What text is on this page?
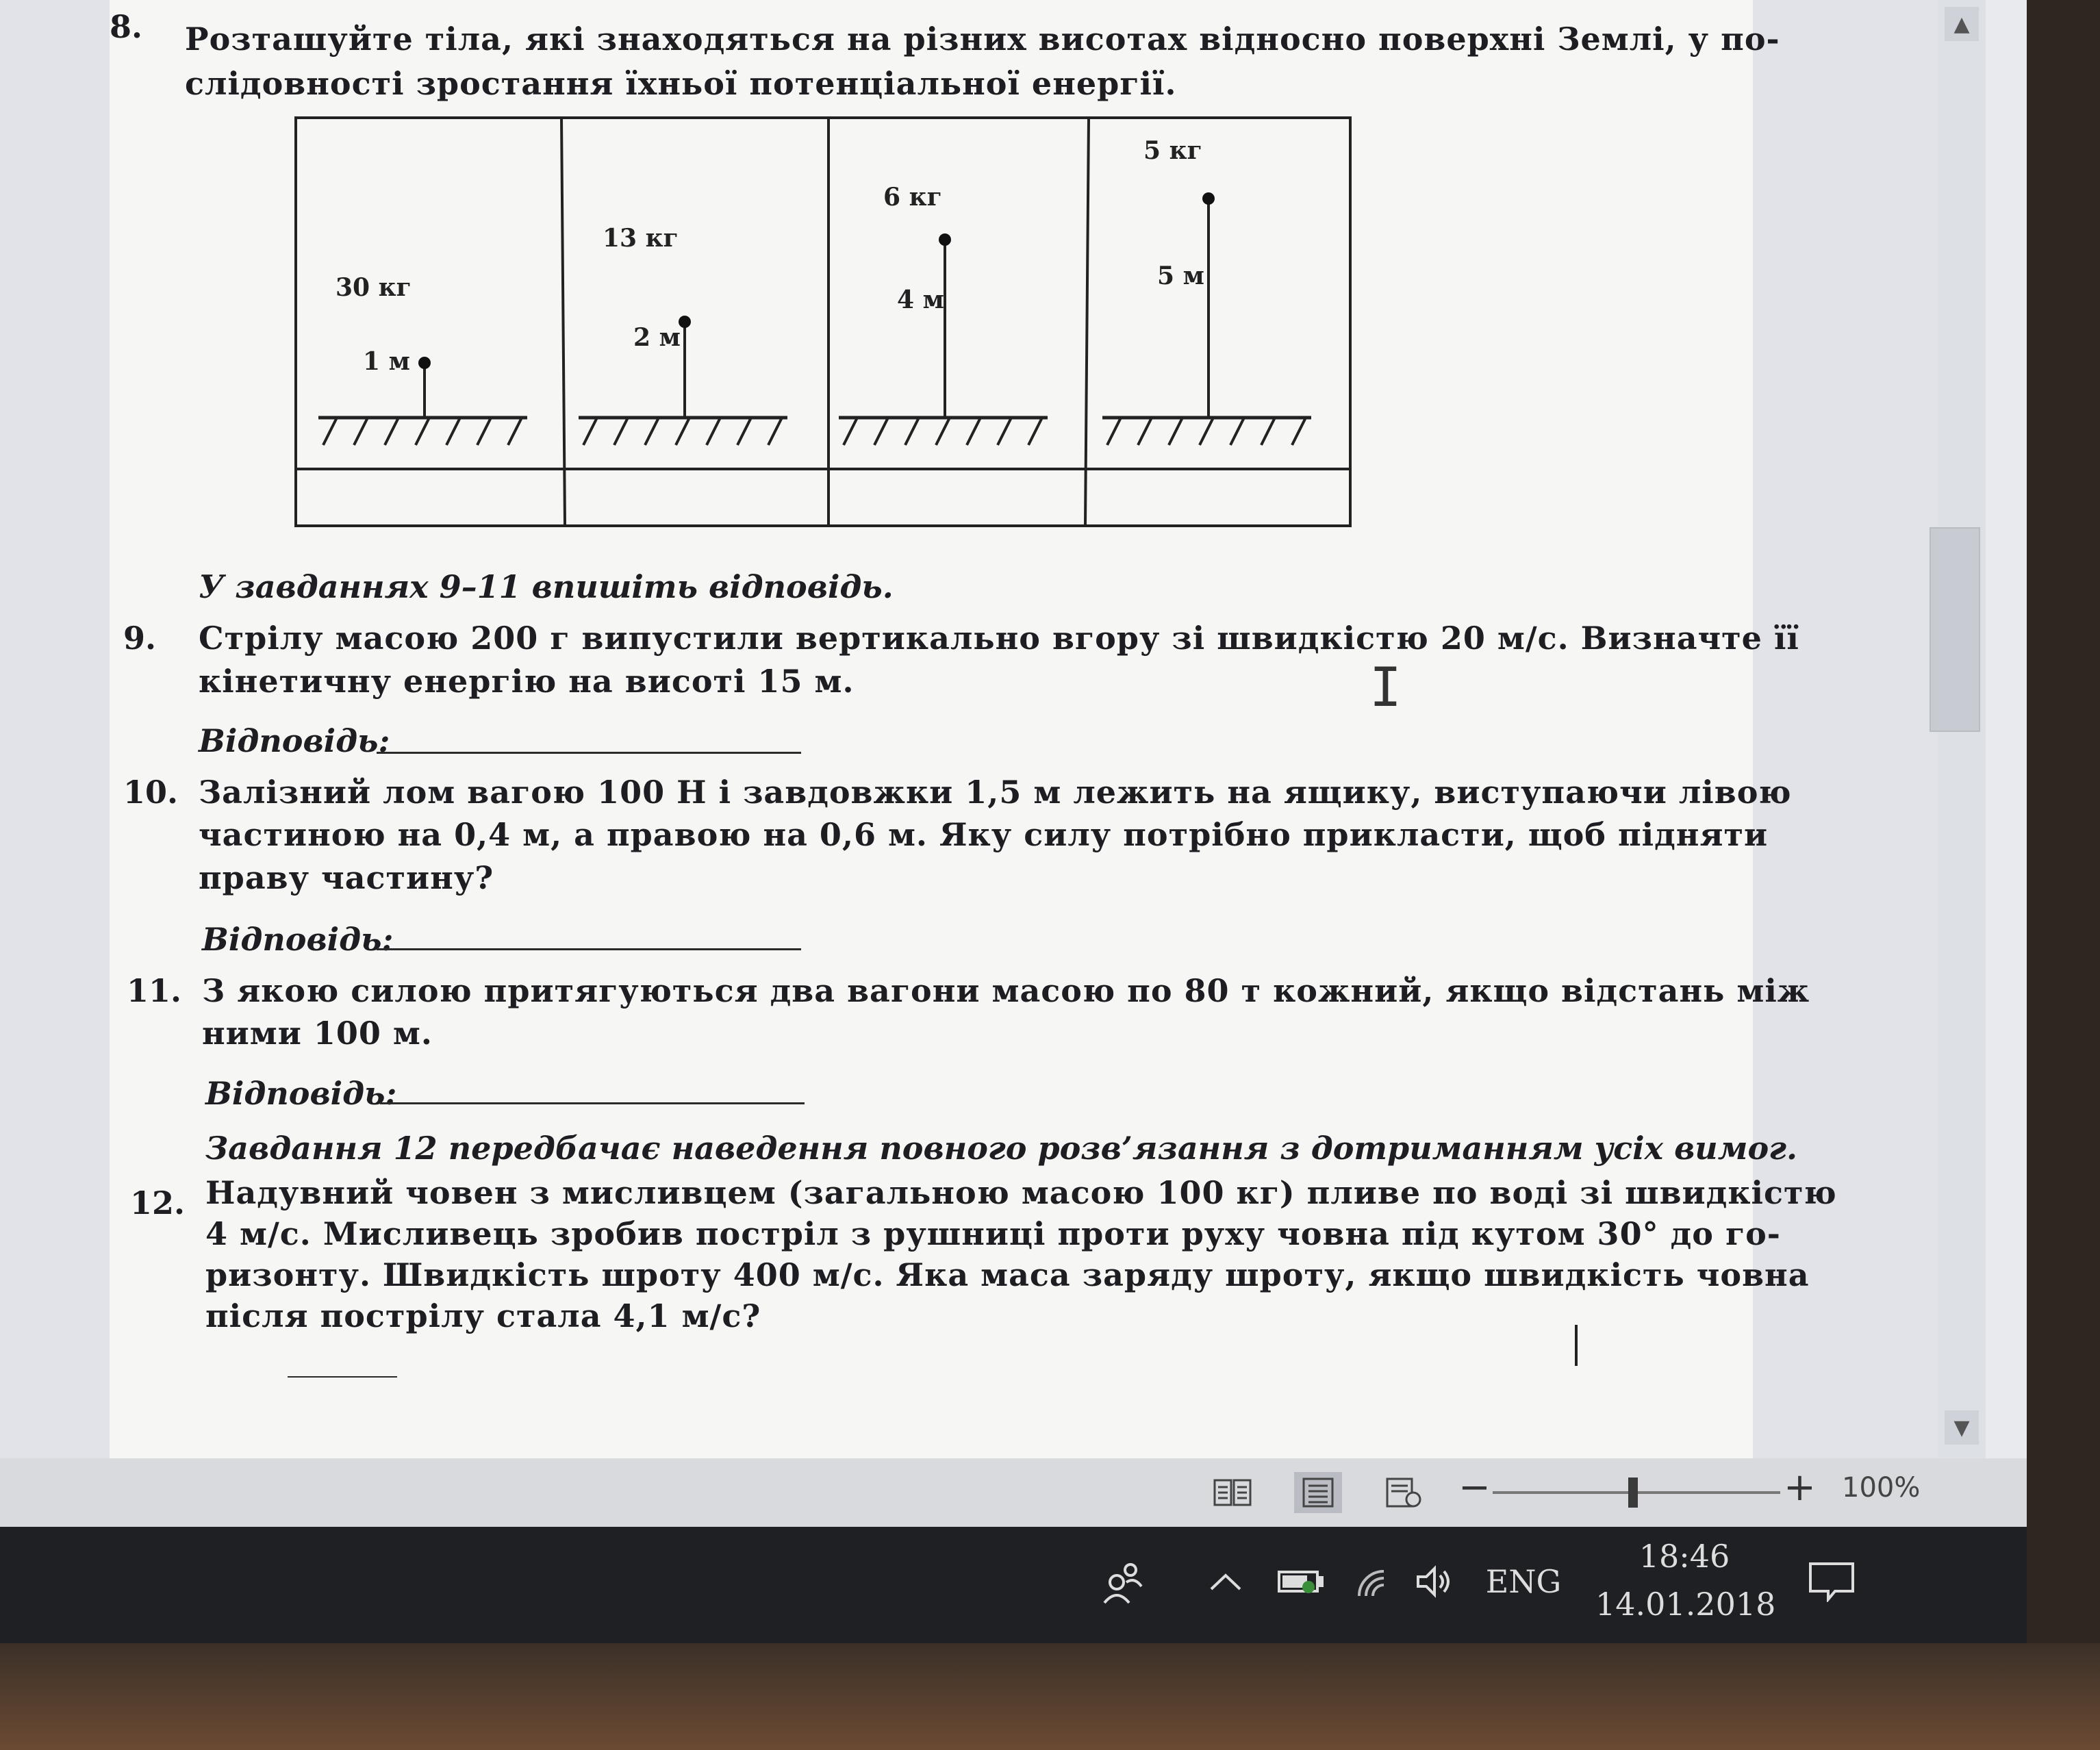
8. Розташуйте тіла, які знаходяться на різних висотах відносно поверхні Землі, у по-
слідовності зростання їхньої потенціальної енергії.
30 кг
1 м
13 кг
2 м
6 кг
4 м
5 кг
5 м
У завданнях 9–11 впишіть відповідь.
9. Стрілу масою 200 г випустили вертикально вгору зі швидкістю 20 м/с. Визначте її
кінетичну енергію на висоті 15 м.
Відповідь:
I
10. Залізний лом вагою 100 Н і завдовжки 1,5 м лежить на ящику, виступаючи лівою
частиною на 0,4 м, а правою на 0,6 м. Яку силу потрібно прикласти, щоб підняти
праву частину?
Відповідь:
11. З якою силою притягуються два вагони масою по 80 т кожний, якщо відстань між
ними 100 м.
Відповідь:
Завдання 12 передбачає наведення повного розв’язання з дотриманням усіх вимог.
12. Надувний човен з мисливцем (загальною масою 100 кг) пливе по воді зі швидкістю
4 м/с. Мисливець зробив постріл з рушниці проти руху човна під кутом 30° до го-
ризонту. Швидкість шроту 400 м/с. Яка маса заряду шроту, якщо швидкість човна
після пострілу стала 4,1 м/с?
▲
▼
−	+ 100%
ENG
18:46
14.01.2018
